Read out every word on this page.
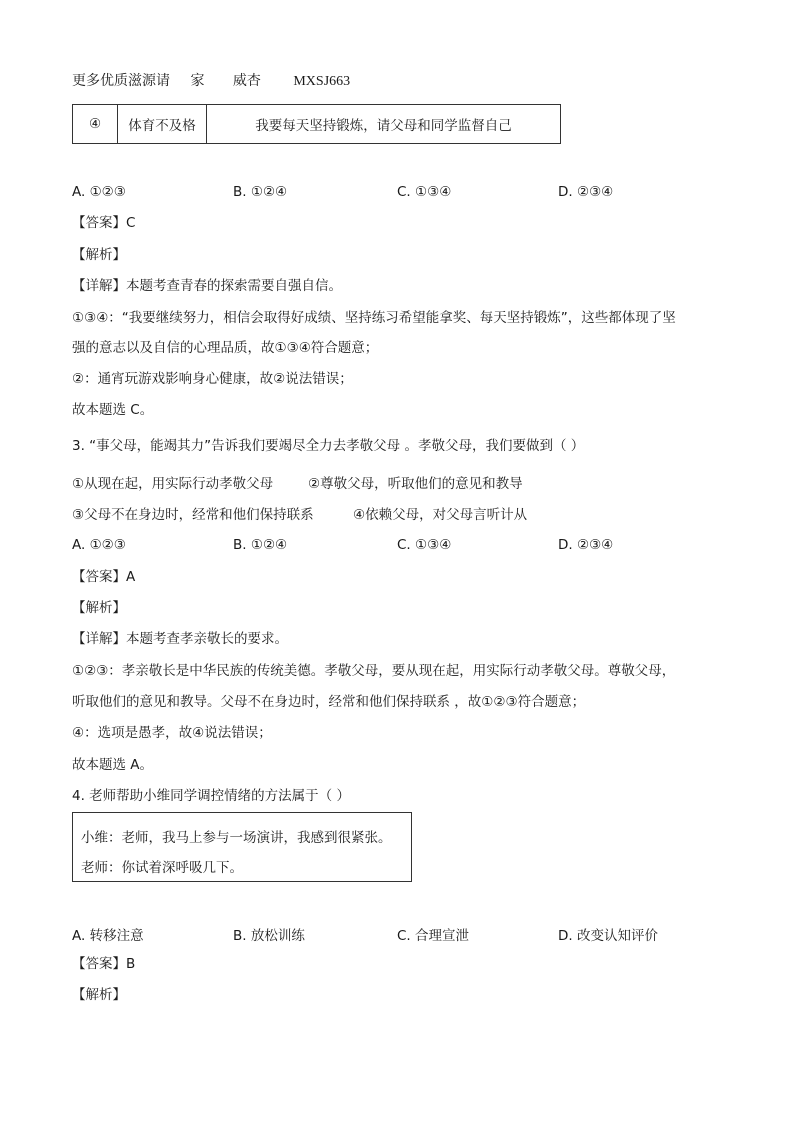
更多优质滋源请 家 威杏 MXSJ663
④	体育不及格	我要每天坚持锻炼，请父母和同学监督自己
A. ①②③	B. ①②④	C. ①③④	D. ②③④
【答案】C
【解析】
【详解】本题考查青春的探索需要自强自信。
①③④：“我要继续努力，相信会取得好成绩、坚持练习希望能拿奖、每天坚持锻炼”，这些都体现了坚
强的意志以及自信的心理品质，故①③④符合题意；
②：通宵玩游戏影响身心健康，故②说法错误；
故本题选 C。
3. “事父母，能竭其力”告诉我们要竭尽全力去孝敬父母 。孝敬父母，我们要做到（ ）
①从现在起，用实际行动孝敬父母	②尊敬父母，听取他们的意见和教导
③父母不在身边时，经常和他们保持联系	④依赖父母，对父母言听计从
A. ①②③	B. ①②④	C. ①③④	D. ②③④
【答案】A
【解析】
【详解】本题考查孝亲敬长的要求。
①②③：孝亲敬长是中华民族的传统美德。孝敬父母，要从现在起，用实际行动孝敬父母。尊敬父母，
听取他们的意见和教导。父母不在身边时，经常和他们保持联系 ，故①②③符合题意；
④：选项是愚孝，故④说法错误；
故本题选 A。
4. 老师帮助小维同学调控情绪的方法属于（ ）
小维：老师，我马上参与一场演讲，我感到很紧张。
老师：你试着深呼吸几下。
A. 转移注意	B. 放松训练	C. 合理宣泄	D. 改变认知评价
【答案】B
【解析】
